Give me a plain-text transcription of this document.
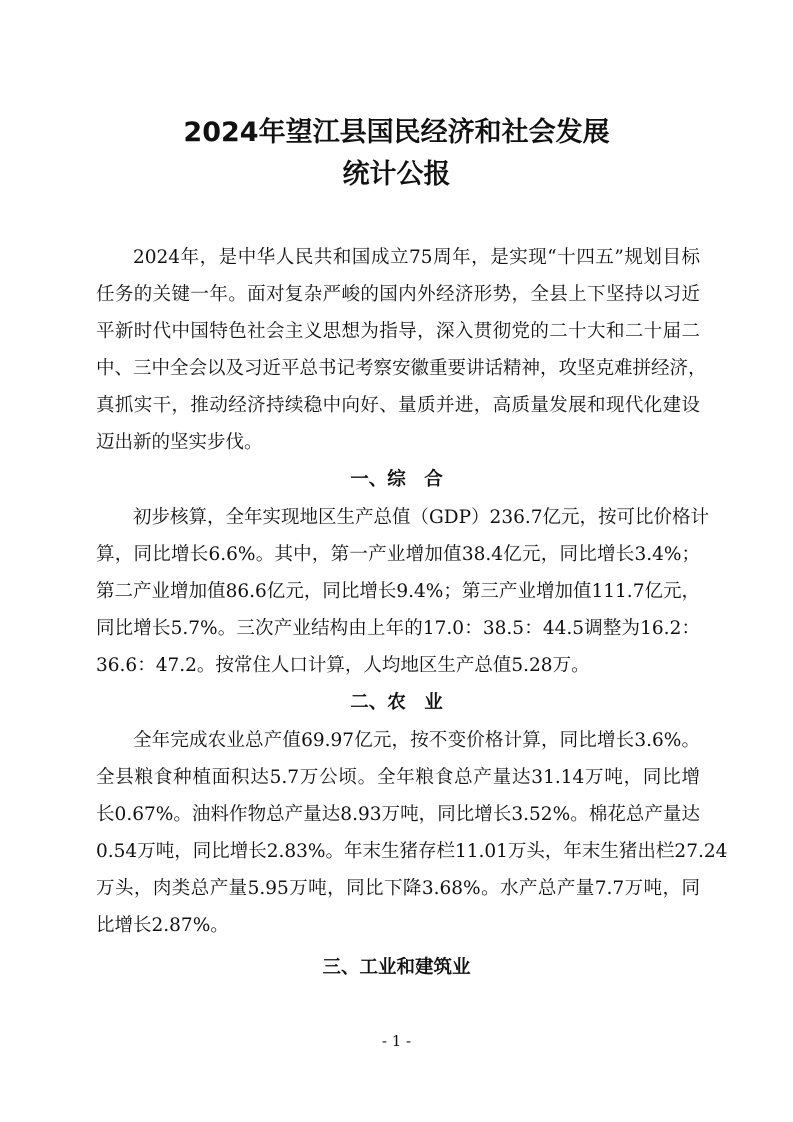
2024年望江县国民经济和社会发展
统计公报
2024年，是中华人民共和国成立75周年，是实现“十四五”规划目标
任务的关键一年。面对复杂严峻的国内外经济形势，全县上下坚持以习近
平新时代中国特色社会主义思想为指导，深入贯彻党的二十大和二十届二
中、三中全会以及习近平总书记考察安徽重要讲话精神，攻坚克难拼经济，
真抓实干，推动经济持续稳中向好、量质并进，高质量发展和现代化建设
迈出新的坚实步伐。
一、综　合
初步核算，全年实现地区生产总值（GDP）236.7亿元，按可比价格计
算，同比增长6.6%。其中，第一产业增加值38.4亿元，同比增长3.4%；
第二产业增加值86.6亿元，同比增长9.4%；第三产业增加值111.7亿元，
同比增长5.7%。三次产业结构由上年的17.0：38.5：44.5调整为16.2：
36.6：47.2。按常住人口计算，人均地区生产总值5.28万。
二、农　业
全年完成农业总产值69.97亿元，按不变价格计算，同比增长3.6%。
全县粮食种植面积达5.7万公顷。全年粮食总产量达31.14万吨，同比增
长0.67%。油料作物总产量达8.93万吨，同比增长3.52%。棉花总产量达
0.54万吨，同比增长2.83%。年末生猪存栏11.01万头，年末生猪出栏27.24
万头，肉类总产量5.95万吨，同比下降3.68%。水产总产量7.7万吨，同
比增长2.87%。
三、工业和建筑业
- 1 -
